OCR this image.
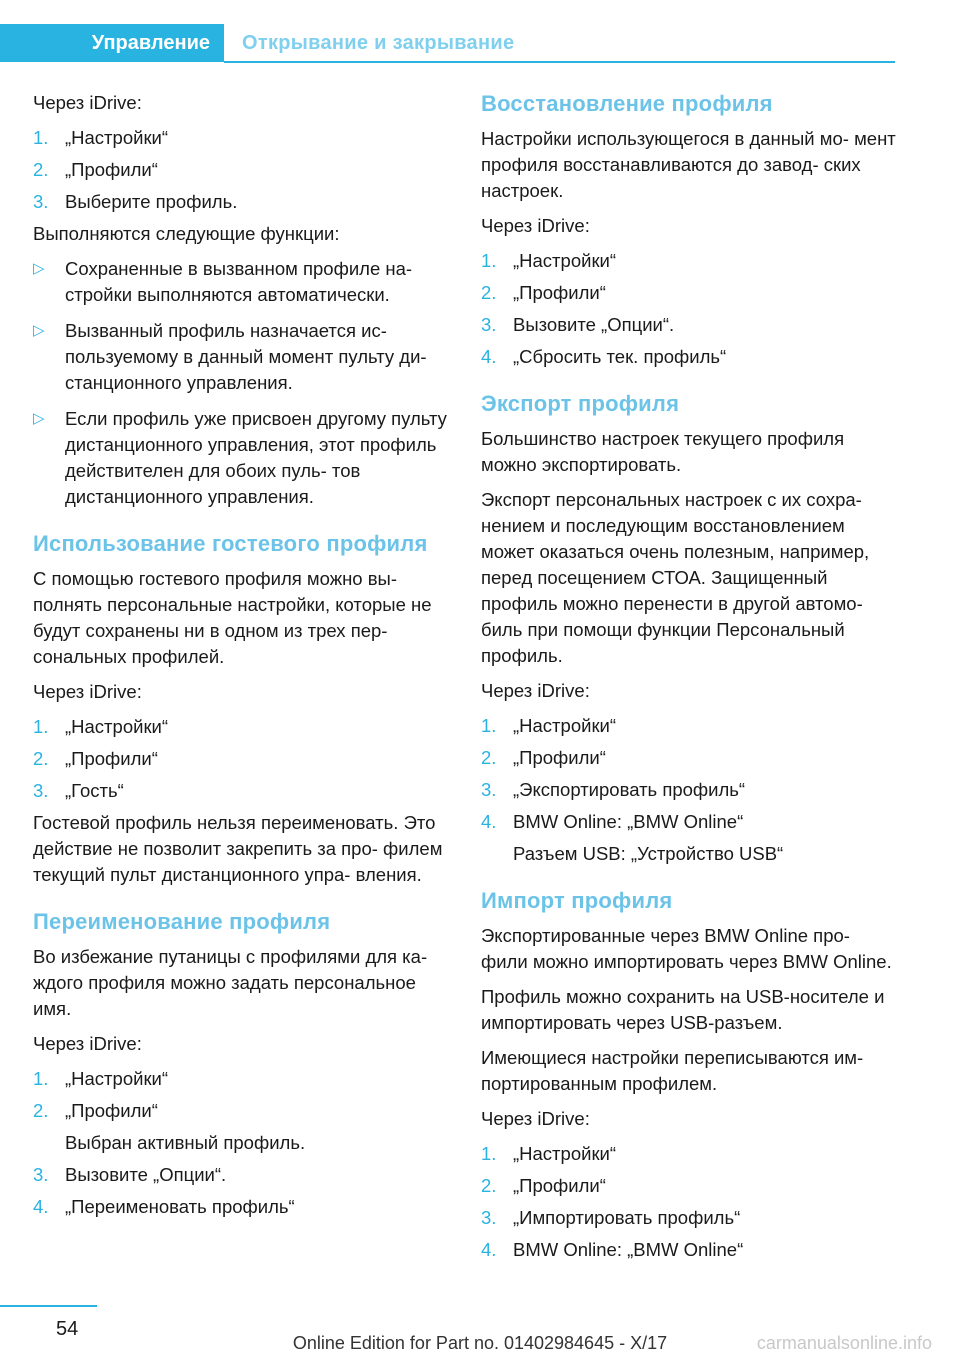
Управление	Открывание и закрывание

Через iDrive:

1. „Настройки“
2. „Профили“
3. Выберите профиль.

Выполняются следующие функции:

▷	Сохраненные в вызванном профиле на- стройки выполняются автоматически.
▷	Вызванный профиль назначается ис- пользуемому в данный момент пульту ди- станционного управления.
▷	Если профиль уже присвоен другому пульту дистанционного управления, этот профиль действителен для обоих пуль- тов дистанционного управления.
Использование гостевого профиля

С помощью гостевого профиля можно вы- полнять персональные настройки, которые не будут сохранены ни в одном из трех пер- сональных профилей.

Через iDrive:

1. „Настройки“
2. „Профили“
3. „Гость“

Гостевой профиль нельзя переименовать. Это действие не позволит закрепить за про- филем текущий пульт дистанционного упра- вления.

Переименование профиля

Во избежание путаницы с профилями для ка- ждого профиля можно задать персональное имя.

Через iDrive:

1. „Настройки“
2. „Профили“
Выбран активный профиль.
3. Вызовите „Опции“.
4. „Переименовать профиль“
Восстановление профиля

Настройки использующегося в данный мо- мент профиля восстанавливаются до завод- ских настроек.

Через iDrive:

1. „Настройки“
2. „Профили“
3. Вызовите „Опции“.
4. „Сбросить тек. профиль“
Экспорт профиля

Большинство настроек текущего профиля можно экспортировать.

Экспорт персональных настроек с их сохра- нением и последующим восстановлением может оказаться очень полезным, например, перед посещением СТОА. Защищенный профиль можно перенести в другой автомо- биль при помощи функции Персональный профиль.

Через iDrive:

1. „Настройки“
2. „Профили“
3. „Экспортировать профиль“
4. BMW Online: „BMW Online“
Разъем USB: „Устройство USB“
Импорт профиля

Экспортированные через BMW Online про- фили можно импортировать через BMW Online.

Профиль можно сохранить на USB-носителе и импортировать через USB-разъем.

Имеющиеся настройки переписываются им- портированным профилем.

Через iDrive:

1. „Настройки“
2. „Профили“
3. „Импортировать профиль“
4. BMW Online: „BMW Online“
54
Online Edition for Part no. 01402984645 - X/17	carmanualsonline.info
